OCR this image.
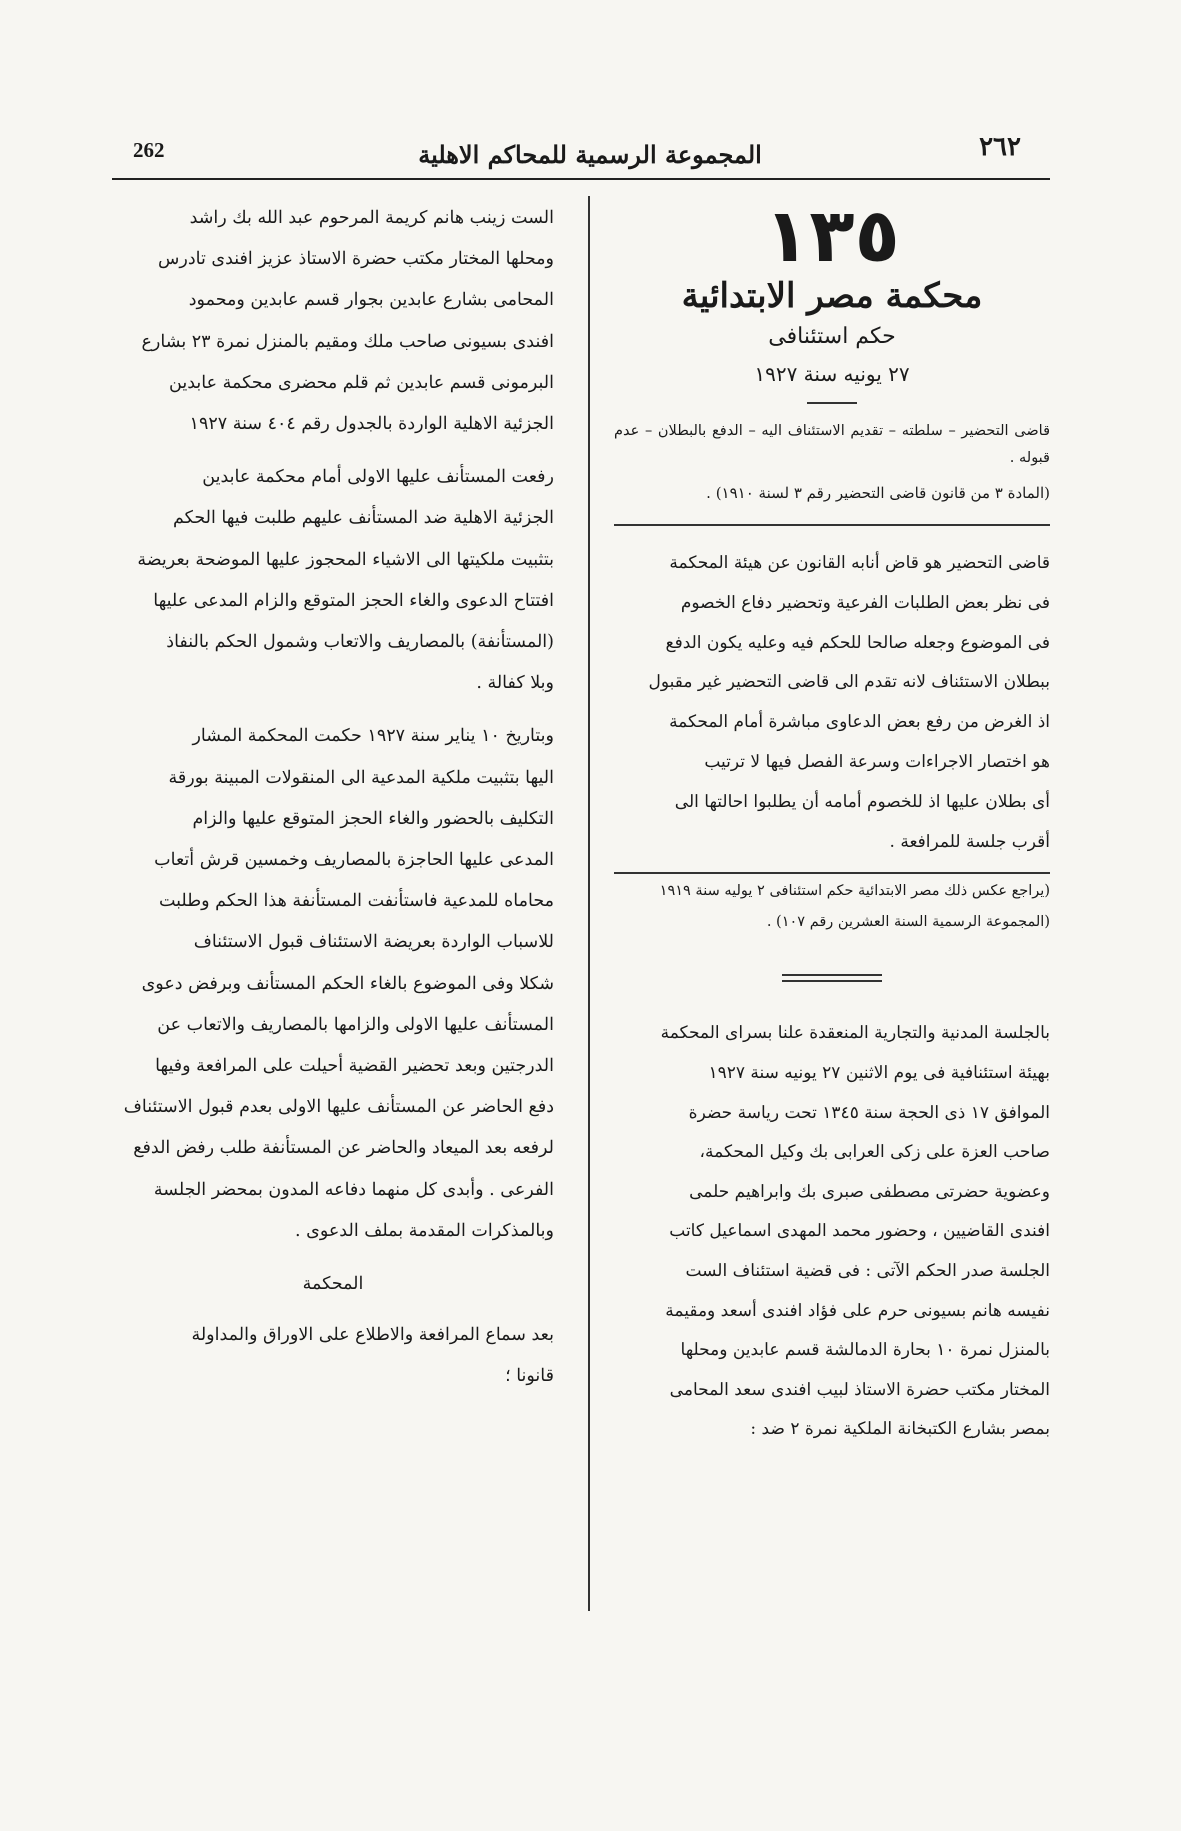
262	المجموعة الرسمية للمحاكم الاهلية	٢٦٢
١٣٥
محكمة مصر الابتدائية
حكم استئنافى
٢٧ يونيه سنة ١٩٢٧
قاضى التحضير – سلطته – تقديم الاستئناف اليه – الدفع بالبطلان – عدم قبوله .
(المادة ٣ من قانون قاضى التحضير رقم ٣ لسنة ١٩١٠) .
قاضى التحضير هو قاض أنابه القانون عن هيئة المحكمة
فى نظر بعض الطلبات الفرعية وتحضير دفاع الخصوم
فى الموضوع وجعله صالحا للحكم فيه وعليه يكون الدفع
ببطلان الاستئناف لانه تقدم الى قاضى التحضير غير مقبول
اذ الغرض من رفع بعض الدعاوى مباشرة أمام المحكمة
هو اختصار الاجراءات وسرعة الفصل فيها لا ترتيب
أى بطلان عليها اذ للخصوم أمامه أن يطلبوا احالتها الى
أقرب جلسة للمرافعة .
(يراجع عكس ذلك مصر الابتدائية حكم استئنافى ٢ يوليه سنة ١٩١٩
(المجموعة الرسمية السنة العشرين رقم ١٠٧) .
بالجلسة المدنية والتجارية المنعقدة علنا بسراى المحكمة
بهيئة استئنافية فى يوم الاثنين ٢٧ يونيه سنة ١٩٢٧
الموافق ١٧ ذى الحجة سنة ١٣٤٥ تحت رياسة حضرة
صاحب العزة على زكى العرابى بك وكيل المحكمة،
وعضوية حضرتى مصطفى صبرى بك وابراهيم حلمى
افندى القاضيين ، وحضور محمد المهدى اسماعيل كاتب
الجلسة صدر الحكم الآتى : فى قضية استئناف الست
نفيسه هانم بسيونى حرم على فؤاد افندى أسعد ومقيمة
بالمنزل نمرة ١٠ بحارة الدمالشة قسم عابدين ومحلها
المختار مكتب حضرة الاستاذ لبيب افندى سعد المحامى
بمصر بشارع الكتبخانة الملكية نمرة ٢ ضد :

الست زينب هانم كريمة المرحوم عبد الله بك راشد
ومحلها المختار مكتب حضرة الاستاذ عزيز افندى تادرس
المحامى بشارع عابدين بجوار قسم عابدين ومحمود
افندى بسيونى صاحب ملك ومقيم بالمنزل نمرة ٢٣ بشارع
البرمونى قسم عابدين ثم قلم محضرى محكمة عابدين
الجزئية الاهلية الواردة بالجدول رقم ٤٠٤ سنة ١٩٢٧

رفعت المستأنف عليها الاولى أمام محكمة عابدين
الجزئية الاهلية ضد المستأنف عليهم طلبت فيها الحكم
بتثبيت ملكيتها الى الاشياء المحجوز عليها الموضحة بعريضة
افتتاح الدعوى والغاء الحجز المتوقع والزام المدعى عليها
(المستأنفة) بالمصاريف والاتعاب وشمول الحكم بالنفاذ
وبلا كفالة .

وبتاريخ ١٠ يناير سنة ١٩٢٧ حكمت المحكمة المشار
اليها بتثبيت ملكية المدعية الى المنقولات المبينة بورقة
التكليف بالحضور والغاء الحجز المتوقع عليها والزام
المدعى عليها الحاجزة بالمصاريف وخمسين قرش أتعاب
محاماه للمدعية فاستأنفت المستأنفة هذا الحكم وطلبت
للاسباب الواردة بعريضة الاستئناف قبول الاستئناف
شكلا وفى الموضوع بالغاء الحكم المستأنف وبرفض دعوى
المستأنف عليها الاولى والزامها بالمصاريف والاتعاب عن
الدرجتين وبعد تحضير القضية أحيلت على المرافعة وفيها
دفع الحاضر عن المستأنف عليها الاولى بعدم قبول الاستئناف
لرفعه بعد الميعاد والحاضر عن المستأنفة طلب رفض الدفع
الفرعى . وأبدى كل منهما دفاعه المدون بمحضر الجلسة
وبالمذكرات المقدمة بملف الدعوى .

المحكمة

بعد سماع المرافعة والاطلاع على الاوراق والمداولة
قانونا ؛
